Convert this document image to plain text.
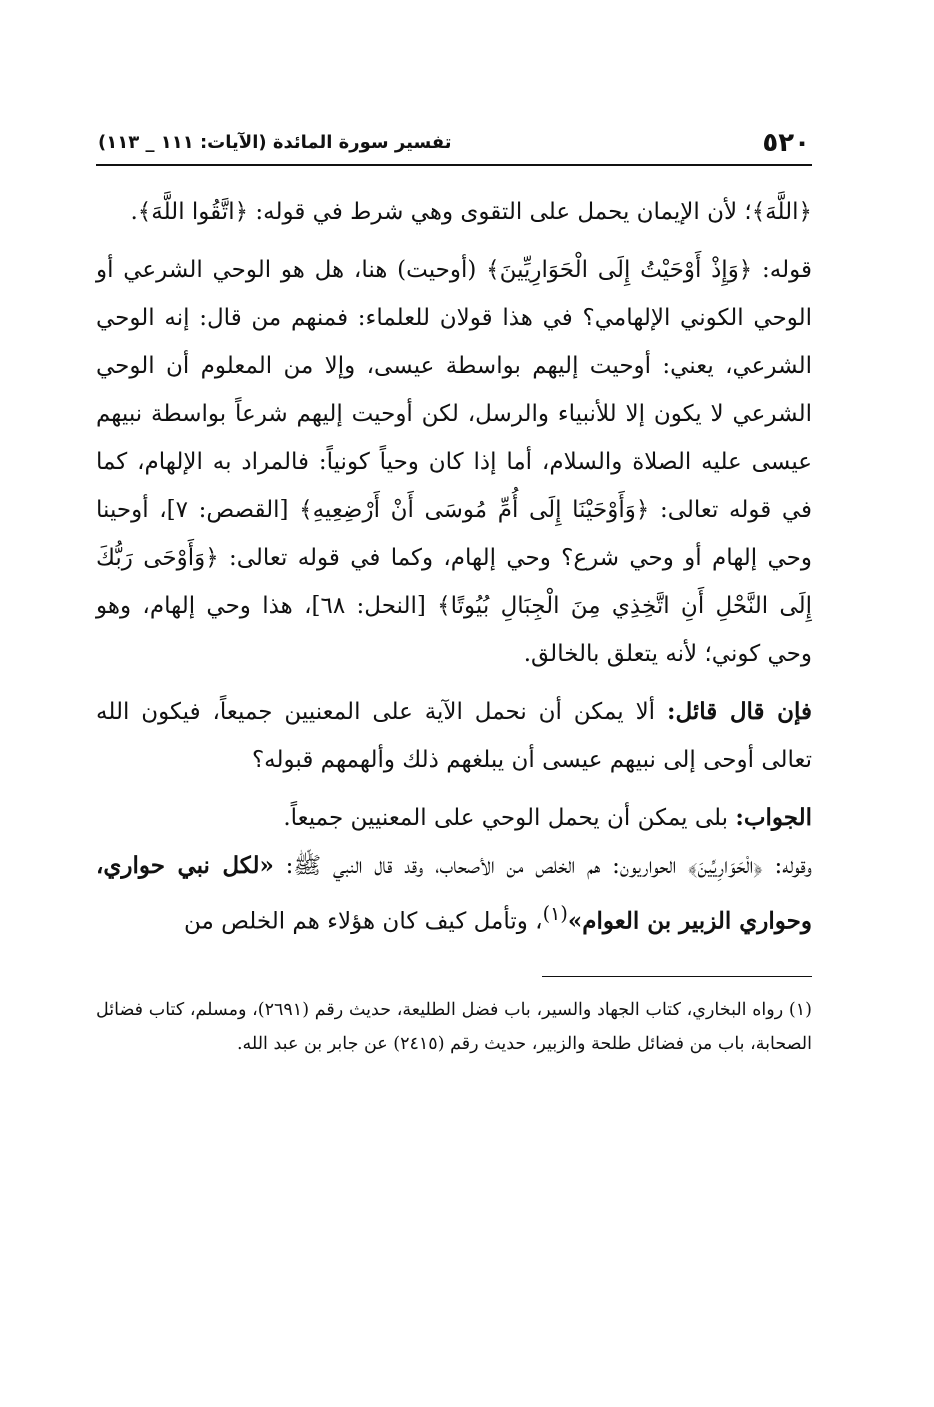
٥٢٠
تفسير سورة المائدة (الآيات: ١١١ _ ١١٣)

﴿اللَّهَ﴾؛ لأن الإيمان يحمل على التقوى وهي شرط في قوله: ﴿اتَّقُوا اللَّهَ﴾.

قوله: ﴿وَإِذْ أَوْحَيْتُ إِلَى الْحَوَارِيِّينَ﴾ (أوحيت) هنا، هل هو الوحي الشرعي أو الوحي الكوني الإلهامي؟ في هذا قولان للعلماء: فمنهم من قال: إنه الوحي الشرعي، يعني: أوحيت إليهم بواسطة عيسى، وإلا من المعلوم أن الوحي الشرعي لا يكون إلا للأنبياء والرسل، لكن أوحيت إليهم شرعاً بواسطة نبيهم عيسى عليه الصلاة والسلام، أما إذا كان وحياً كونياً: فالمراد به الإلهام، كما في قوله تعالى: ﴿وَأَوْحَيْنَا إِلَى أُمِّ مُوسَى أَنْ أَرْضِعِيهِ﴾ [القصص: ٧]، أوحينا وحي إلهام أو وحي شرع؟ وحي إلهام، وكما في قوله تعالى: ﴿وَأَوْحَى رَبُّكَ إِلَى النَّحْلِ أَنِ اتَّخِذِي مِنَ الْجِبَالِ بُيُوتًا﴾ [النحل: ٦٨]، هذا وحي إلهام، وهو وحي كوني؛ لأنه يتعلق بالخالق.

فإن قال قائل: ألا يمكن أن نحمل الآية على المعنيين جميعاً، فيكون الله تعالى أوحى إلى نبيهم عيسى أن يبلغهم ذلك وألهمهم قبوله؟

الجواب: بلى يمكن أن يحمل الوحي على المعنيين جميعاً.

وقوله: ﴿الْحَوَارِيِّينَ﴾ الحواريون: هم الخلص من الأصحاب، وقد قال النبي ﷺ: «لكل نبي حواري، وحواري الزبير بن العوام»$^{(١)}$، وتأمل كيف كان هؤلاء هم الخلص من

(١) رواه البخاري، كتاب الجهاد والسير، باب فضل الطليعة، حديث رقم (٢٦٩١)، ومسلم، كتاب فضائل الصحابة، باب من فضائل طلحة والزبير، حديث رقم (٢٤١٥) عن جابر بن عبد الله.
